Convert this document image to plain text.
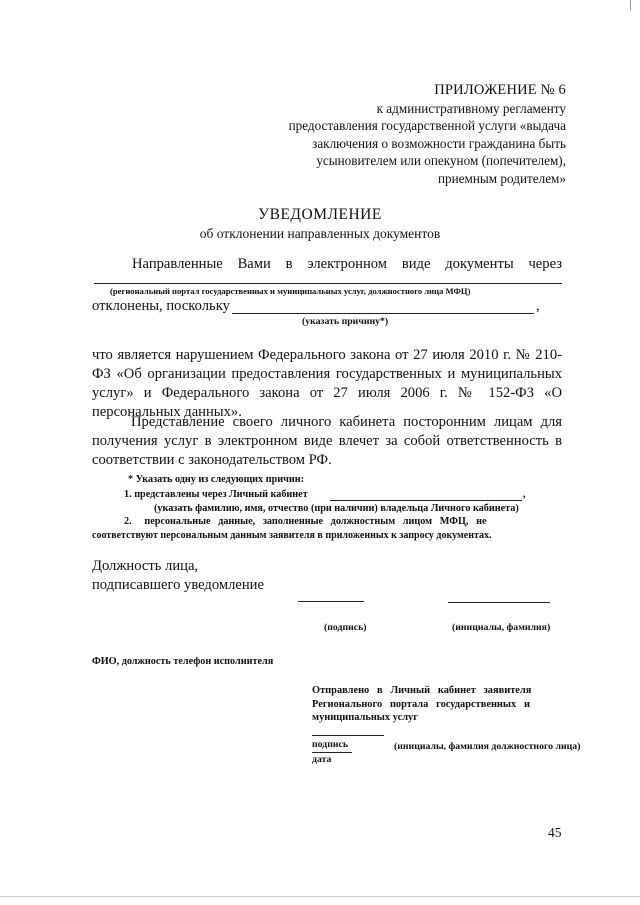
ПРИЛОЖЕНИЕ № 6
к административному регламенту
предоставления государственной услуги «выдача
заключения о возможности гражданина быть
усыновителем или опекуном (попечителем),
приемным родителем»
УВЕДОМЛЕНИЕ
об отклонении направленных документов
Направленные Вами в электронном виде документы через
(региональный портал государственных и муниципальных услуг, должностного лица МФЦ)
отклонены, поскольку	,
(указать причину*)
что является нарушением Федерального закона от 27 июля 2010 г. № 210-
ФЗ «Об организации предоставления государственных и муниципальных
услуг» и Федерального закона от 27 июля 2006 г. № 152-ФЗ «О
персональных данных».
Представление своего личного кабинета посторонним лицам для
получения услуг в электронном виде влечет за собой ответственность в
соответствии с законодательством РФ.
* Указать одну из следующих причин:
1. представлены через Личный кабинет	,
(указать фамилию, имя, отчество (при наличии) владельца Личного кабинета)
2.     персональные   данные,   заполненные   должностным   лицом   МФЦ,   не
соответствуют персональным данным заявителя в приложенных к запросу документах.
Должность лица,
подписавшего уведомление
(подпись)	(инициалы, фамилия)
ФИО, должность телефон исполнителя
Отправлено   в   Личный   кабинет   заявителя
Регионального   портала   государственных   и
муниципальных услуг
подпись	(инициалы, фамилия должностного лица)
дата
45
